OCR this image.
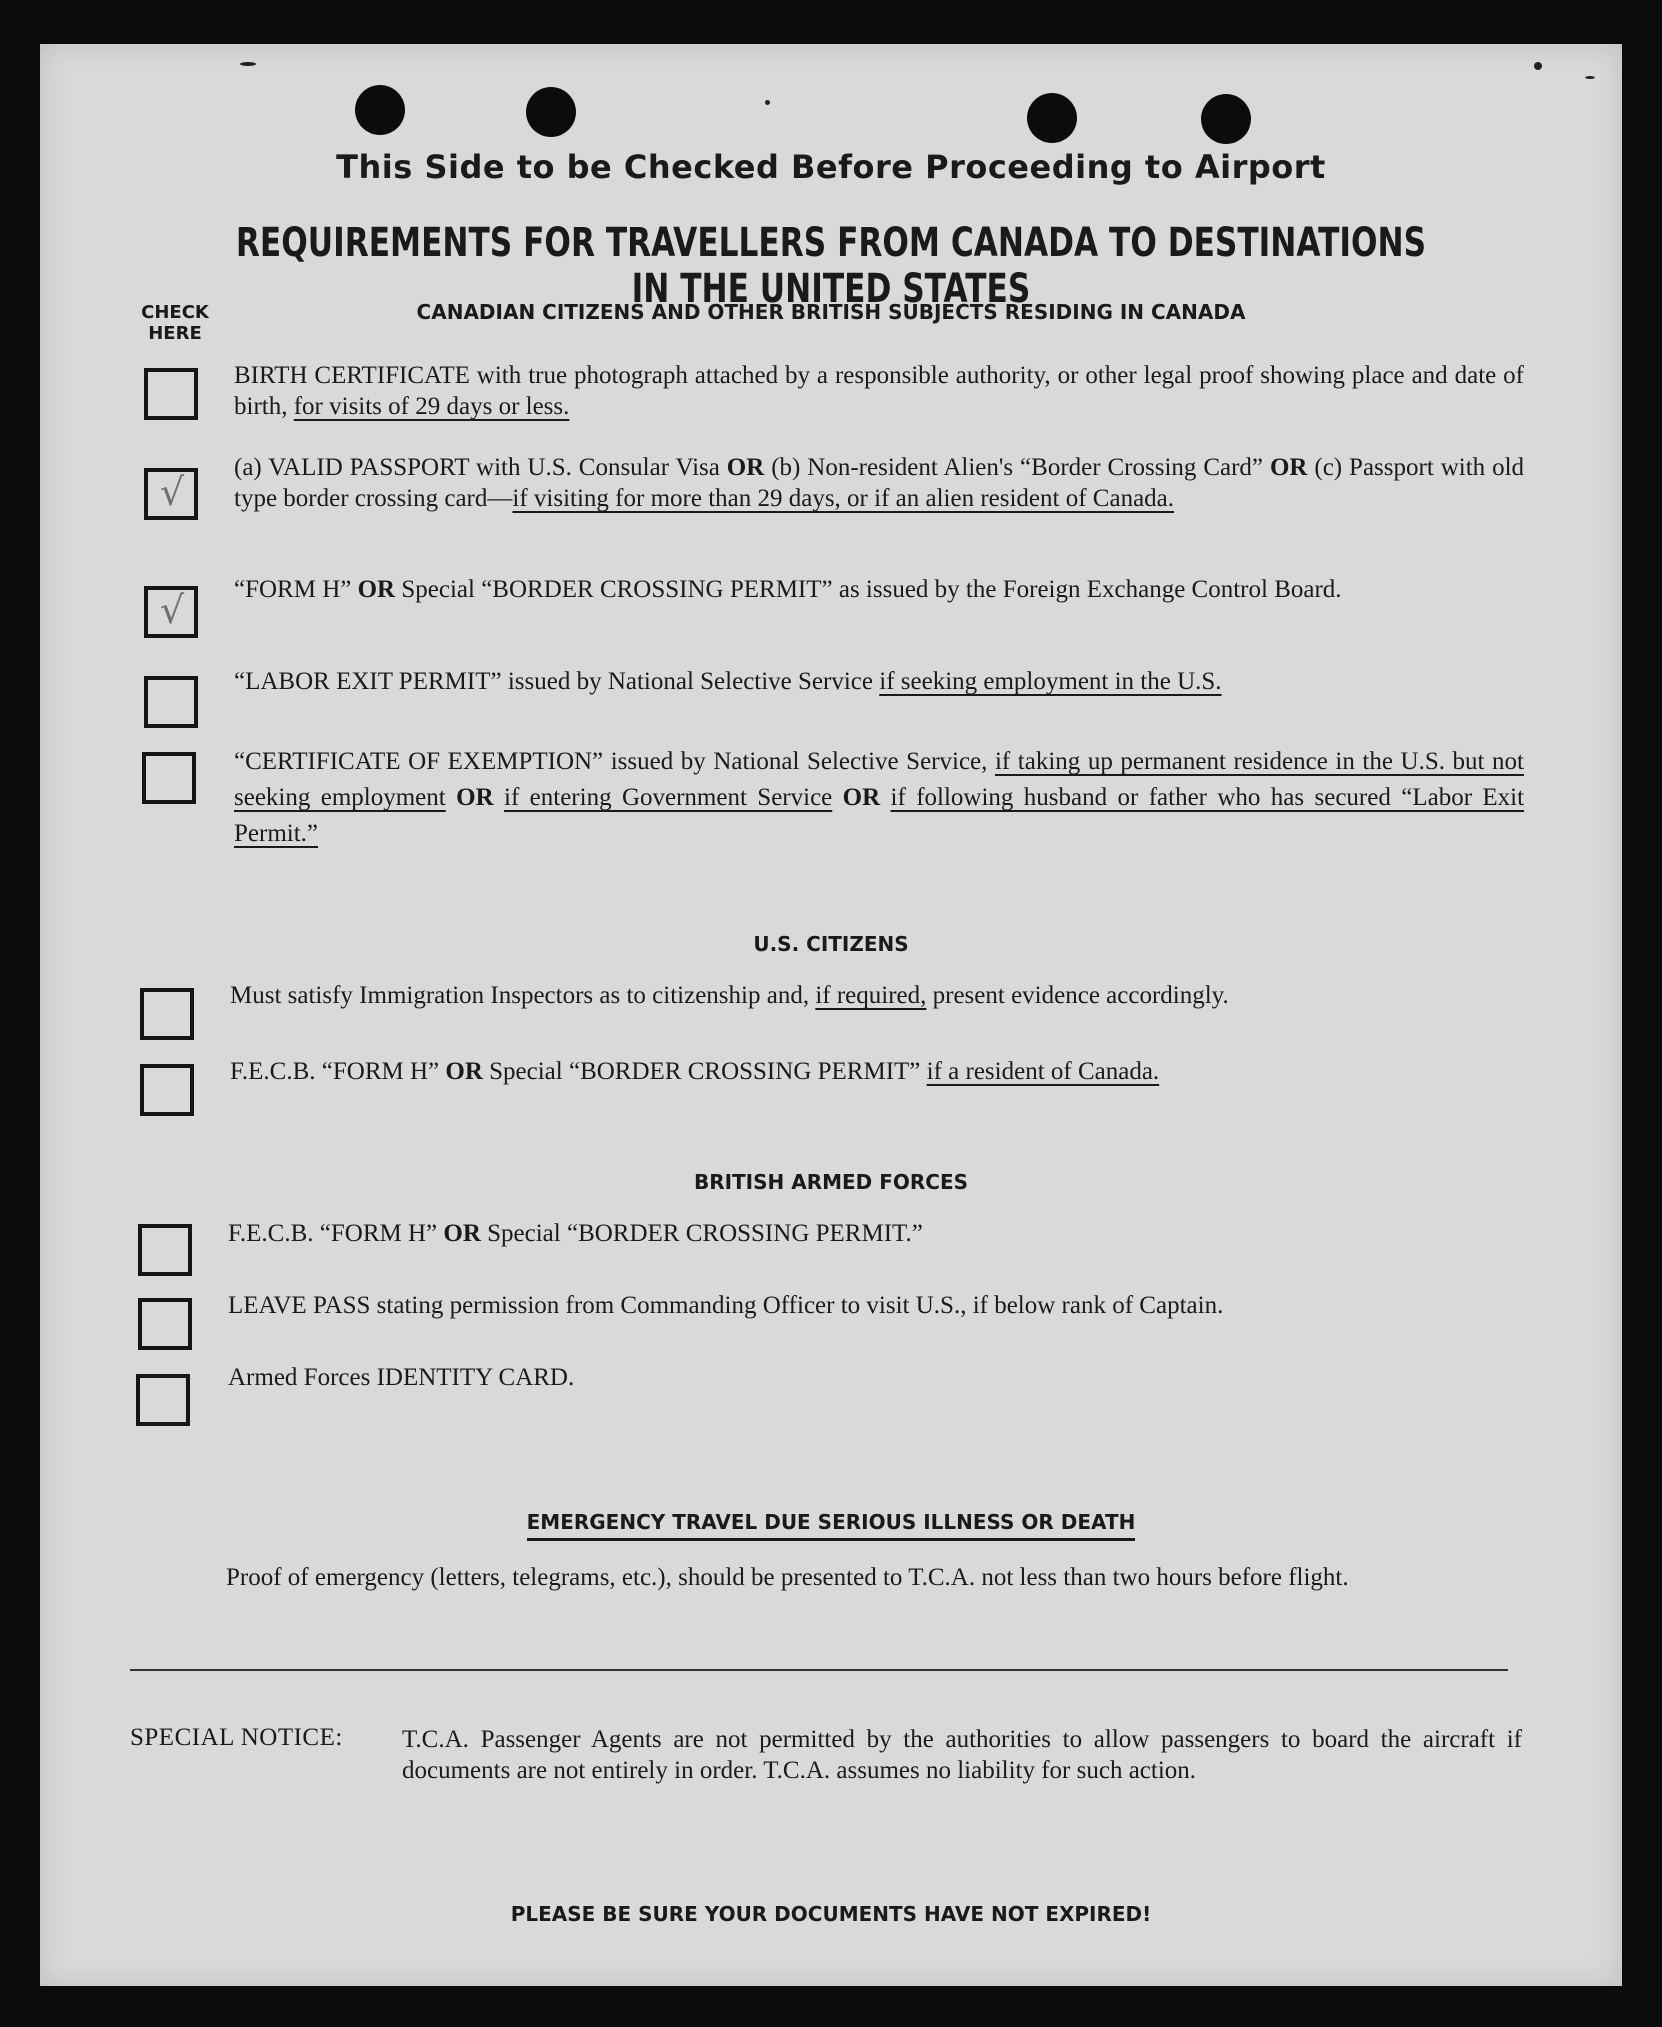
This Side to be Checked Before Proceeding to Airport
REQUIREMENTS FOR TRAVELLERS FROM CANADA TO DESTINATIONS IN THE UNITED STATES
CHECK HERE
CANADIAN CITIZENS AND OTHER BRITISH SUBJECTS RESIDING IN CANADA
BIRTH CERTIFICATE with true photograph attached by a responsible authority, or other legal proof showing place and date of birth, for visits of 29 days or less.
√
(a) VALID PASSPORT with U.S. Consular Visa OR (b) Non-resident Alien's “Border Crossing Card” OR (c) Passport with old type border crossing card—if visiting for more than 29 days, or if an alien resident of Canada.
√ “FORM H” OR Special “BORDER CROSSING PERMIT” as issued by the Foreign Exchange Control Board.
“LABOR EXIT PERMIT” issued by National Selective Service if seeking employment in the U.S.
“CERTIFICATE OF EXEMPTION” issued by National Selective Service, if taking up permanent residence in the U.S. but not seeking employment OR if entering Government Service OR if following husband or father who has secured “Labor Exit Permit.”
U.S. CITIZENS
Must satisfy Immigration Inspectors as to citizenship and, if required, present evidence accordingly.
F.E.C.B. “FORM H” OR Special “BORDER CROSSING PERMIT” if a resident of Canada.
BRITISH ARMED FORCES
F.E.C.B. “FORM H” OR Special “BORDER CROSSING PERMIT.”
LEAVE PASS stating permission from Commanding Officer to visit U.S., if below rank of Captain.
Armed Forces IDENTITY CARD.
EMERGENCY TRAVEL DUE SERIOUS ILLNESS OR DEATH
Proof of emergency (letters, telegrams, etc.), should be presented to T.C.A. not less than two hours before flight.
SPECIAL NOTICE: T.C.A. Passenger Agents are not permitted by the authorities to allow passengers to board the aircraft if documents are not entirely in order. T.C.A. assumes no liability for such action.
PLEASE BE SURE YOUR DOCUMENTS HAVE NOT EXPIRED!
